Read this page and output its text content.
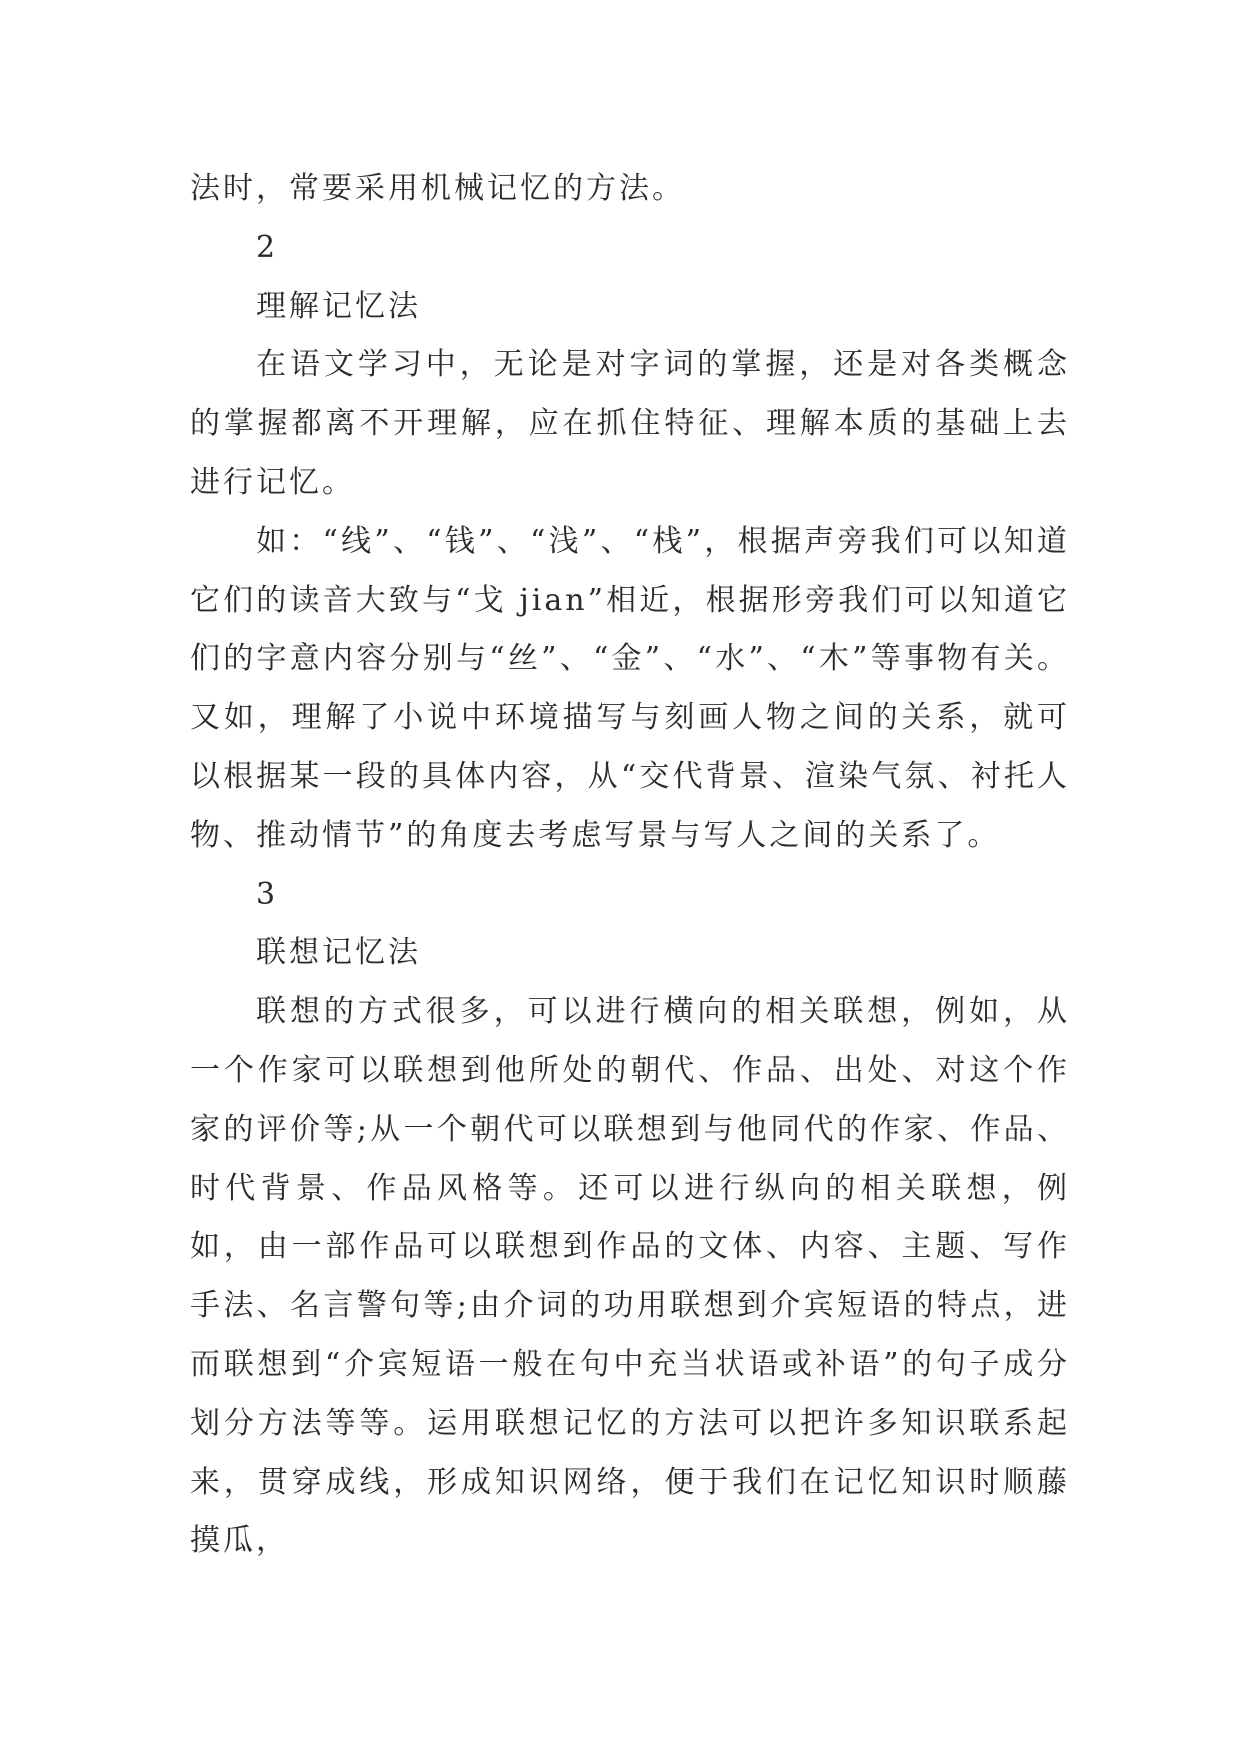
法时，常要采用机械记忆的方法。

2

理解记忆法

在语文学习中，无论是对字词的掌握，还是对各类概念的掌握都离不开理解，应在抓住特征、理解本质的基础上去进行记忆。

如：“线”、“钱”、“浅”、“栈”，根据声旁我们可以知道它们的读音大致与“戈 jian”相近，根据形旁我们可以知道它们的字意内容分别与“丝”、“金”、“水”、“木”等事物有关。又如，理解了小说中环境描写与刻画人物之间的关系，就可以根据某一段的具体内容，从“交代背景、渲染气氛、衬托人物、推动情节”的角度去考虑写景与写人之间的关系了。

3

联想记忆法

联想的方式很多，可以进行横向的相关联想，例如，从一个作家可以联想到他所处的朝代、作品、出处、对这个作家的评价等;从一个朝代可以联想到与他同代的作家、作品、时代背景、作品风格等。还可以进行纵向的相关联想，例如，由一部作品可以联想到作品的文体、内容、主题、写作手法、名言警句等;由介词的功用联想到介宾短语的特点，进而联想到“介宾短语一般在句中充当状语或补语”的句子成分划分方法等等。运用联想记忆的方法可以把许多知识联系起来，贯穿成线，形成知识网络，便于我们在记忆知识时顺藤摸瓜，
